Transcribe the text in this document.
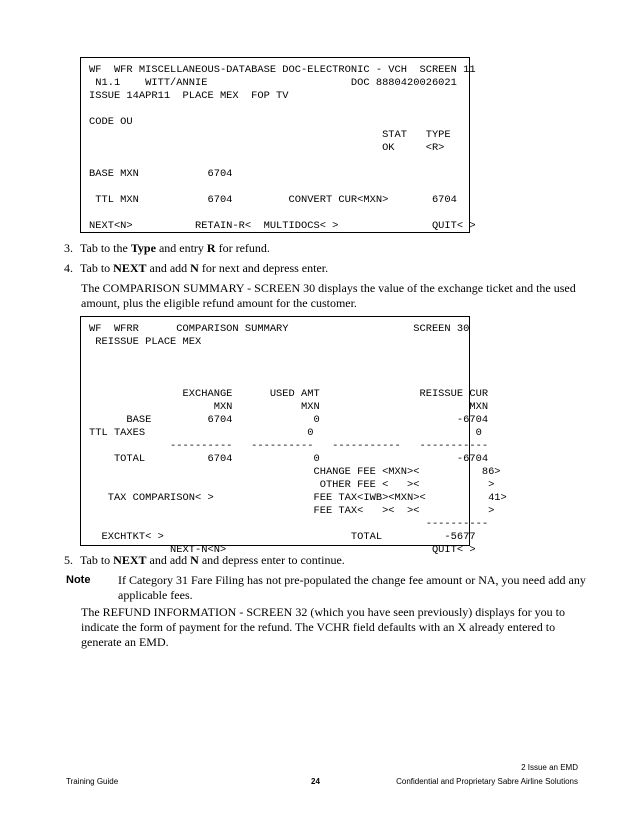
WF  WFR MISCELLANEOUS-DATABASE DOC-ELECTRONIC - VCH  SCREEN 11
N1.1    WITT/ANNIE                       DOC 8880420026021
ISSUE 14APR11  PLACE MEX  FOP TV

CODE OU
STAT   TYPE
OK     <R>

BASE MXN           6704

TTL MXN           6704         CONVERT CUR<MXN>       6704

NEXT<N>          RETAIN-R<  MULTIDOCS< >               QUIT< >
3. Tab to the Type and entry R for refund.
4. Tab to NEXT and add N for next and depress enter.
The COMPARISON SUMMARY - SCREEN 30 displays the value of the exchange ticket and the used amount, plus the eligible refund amount for the customer.
WF  WFRR      COMPARISON SUMMARY                    SCREEN 30
REISSUE PLACE MEX

EXCHANGE      USED AMT                REISSUE CUR
MXN           MXN                        MXN
BASE         6704             0                      -6704
TTL TAXES                          0                          0
----------   ----------   -----------   -----------
TOTAL          6704             0                      -6704
CHANGE FEE <MXN><          86>
OTHER FEE <   ><           >
TAX COMPARISON< >                FEE TAX<IWB><MXN><          41>
FEE TAX<   ><  ><           >
----------
EXCHTKT< >                              TOTAL          -5677
NEXT-N<N>                                 QUIT< >
5. Tab to NEXT and add N and depress enter to continue.
Note If Category 31 Fare Filing has not pre-populated the change fee amount or NA, you need add any applicable fees.
The REFUND INFORMATION - SCREEN 32 (which you have seen previously) displays for you to indicate the form of payment for the refund. The VCHR field defaults with an X already entered to generate an EMD.
2 Issue an EMD
Training Guide	24	Confidential and Proprietary Sabre Airline Solutions
